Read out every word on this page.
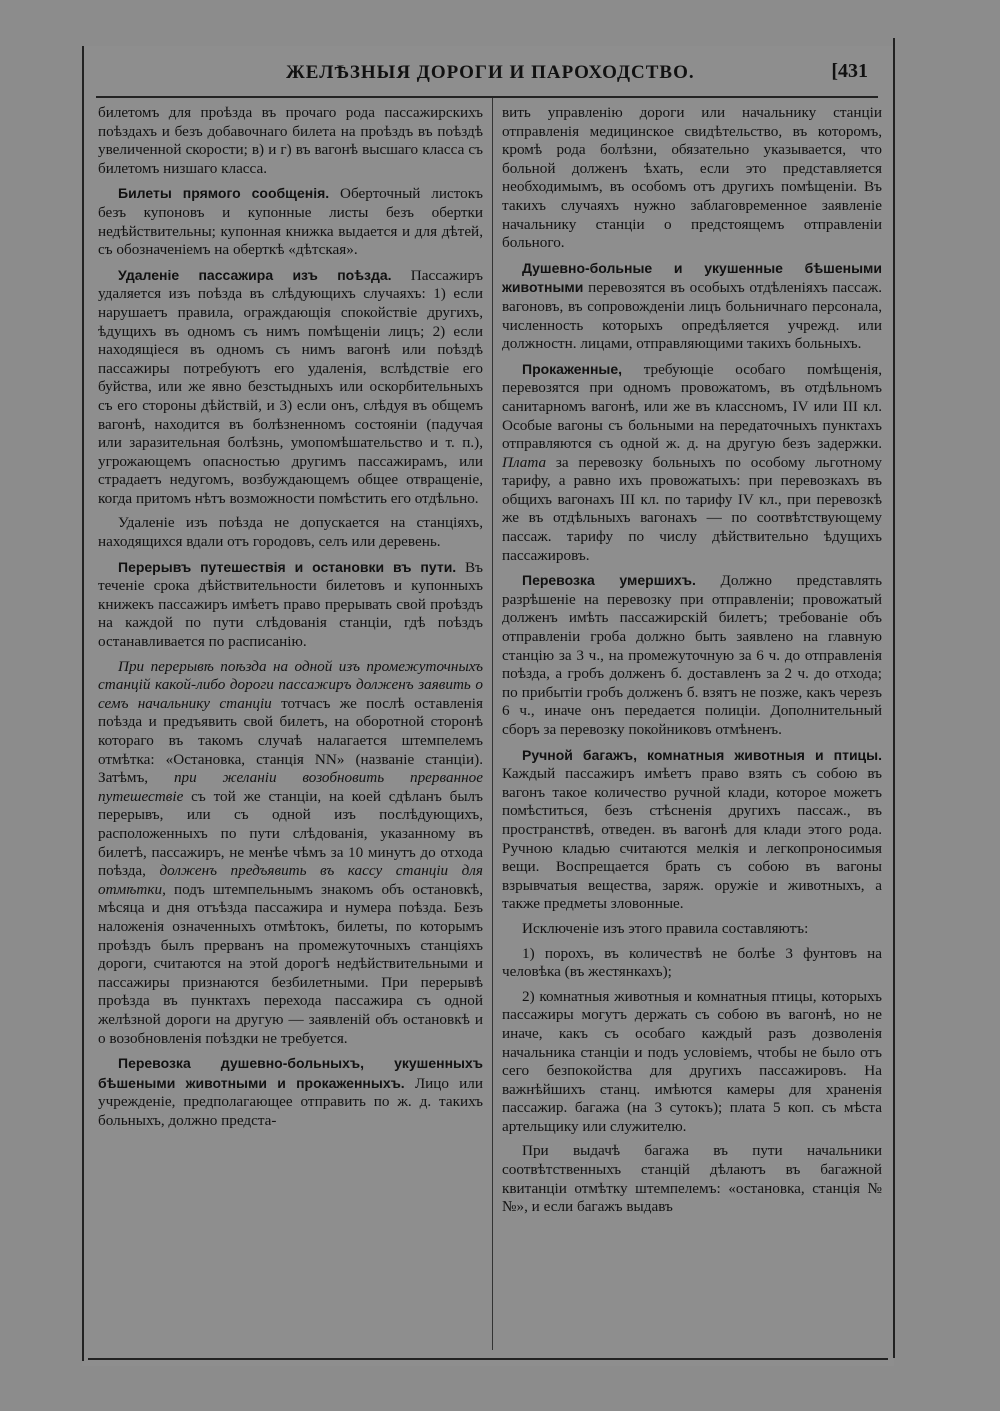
ЖЕЛѢЗНЫЯ ДОРОГИ И ПАРОХОДСТВО.	[431

билетомъ для проѣзда въ прочаго рода пассажирскихъ поѣздахъ и безъ добавочнаго билета на проѣздъ въ поѣздѣ увеличенной скорости; в) и г) въ вагонѣ высшаго класса съ билетомъ низшаго класса.

Билеты прямого сообщенія. Оберточный листокъ безъ купоновъ и купонные листы безъ обертки недѣйствительны; купонная книжка выдается и для дѣтей, съ обозначеніемъ на оберткѣ «дѣтская».

Удаленіе пассажира изъ поѣзда. Пассажиръ удаляется изъ поѣзда въ слѣдующихъ случаяхъ: 1) если нарушаетъ правила, ограждающія спокойствіе другихъ, ѣдущихъ въ одномъ съ нимъ помѣщеніи лицъ; 2) если находящіеся въ одномъ съ нимъ вагонѣ или поѣздѣ пассажиры потребуютъ его удаленія, вслѣдствіе его буйства, или же явно безстыдныхъ или оскорбительныхъ съ его стороны дѣйствій, и 3) если онъ, слѣдуя въ общемъ вагонѣ, находится въ болѣзненномъ состояніи (падучая или заразительная болѣзнь, умопомѣшательство и т. п.), угрожающемъ опасностью другимъ пассажирамъ, или страдаетъ недугомъ, возбуждающемъ общее отвращеніе, когда притомъ нѣтъ возможности помѣстить его отдѣльно.

Удаленіе изъ поѣзда не допускается на станціяхъ, находящихся вдали отъ городовъ, селъ или деревень.

Перерывъ путешествія и остановки въ пути. Въ теченіе срока дѣйствительности билетовъ и купонныхъ книжекъ пассажиръ имѣетъ право прерывать свой проѣздъ на каждой по пути слѣдованія станціи, гдѣ поѣздъ останавливается по расписанію.

При перерывѣ поѣзда на одной изъ промежуточныхъ станцій какой-либо дороги пассажиръ долженъ заявить о семъ начальнику станціи тотчасъ же послѣ оставленія поѣзда и предъявить свой билетъ, на оборотной сторонѣ котораго въ такомъ случаѣ налагается штемпелемъ отмѣтка: «Остановка, станція NN» (названіе станціи). Затѣмъ, при желаніи возобновить прерванное путешествіе съ той же станціи, на коей сдѣланъ былъ перерывъ, или съ одной изъ послѣдующихъ, расположенныхъ по пути слѣдованія, указанному въ билетѣ, пассажиръ, не менѣе чѣмъ за 10 минутъ до отхода поѣзда, долженъ предъявить въ кассу станціи для отмѣтки, подъ штемпельнымъ знакомъ объ остановкѣ, мѣсяца и дня отъѣзда пассажира и нумера поѣзда. Безъ наложенія означенныхъ отмѣтокъ, билеты, по которымъ проѣздъ былъ прерванъ на промежуточныхъ станціяхъ дороги, считаются на этой дорогѣ недѣйствительными и пассажиры признаются безбилетными. При перерывѣ проѣзда въ пунктахъ перехода пассажира съ одной желѣзной дороги на другую — заявленій объ остановкѣ и о возобновленія поѣздки не требуется.

Перевозка душевно-больныхъ, укушенныхъ бѣшеными животными и прокаженныхъ. Лицо или учрежденіе, предполагающее отправить по ж. д. такихъ больныхъ, должно предста-

вить управленію дороги или начальнику станціи отправленія медицинское свидѣтельство, въ которомъ, кромѣ рода болѣзни, обязательно указывается, что больной долженъ ѣхать, если это представляется необходимымъ, въ особомъ отъ другихъ помѣщеніи. Въ такихъ случаяхъ нужно заблаговременное заявленіе начальнику станціи о предстоящемъ отправленіи больного.

Душевно-больные и укушенные бѣшеными животными перевозятся въ особыхъ отдѣленіяхъ пассаж. вагоновъ, въ сопровожденіи лицъ больничнаго персонала, численность которыхъ опредѣляется учрежд. или должностн. лицами, отправляющими такихъ больныхъ.

Прокаженные, требующіе особаго помѣщенія, перевозятся при одномъ провожатомъ, въ отдѣльномъ санитарномъ вагонѣ, или же въ классномъ, IV или III кл. Особые вагоны съ больными на передаточныхъ пунктахъ отправляются съ одной ж. д. на другую безъ задержки. Плата за перевозку больныхъ по особому льготному тарифу, а равно ихъ провожатыхъ: при перевозкахъ въ общихъ вагонахъ III кл. по тарифу IV кл., при перевозкѣ же въ отдѣльныхъ вагонахъ — по соотвѣтствующему пассаж. тарифу по числу дѣйствительно ѣдущихъ пассажировъ.

Перевозка умершихъ. Должно представлять разрѣшеніе на перевозку при отправленіи; провожатый долженъ имѣть пассажирскій билетъ; требованіе объ отправленіи гроба должно быть заявлено на главную станцію за 3 ч., на промежуточную за 6 ч. до отправленія поѣзда, а гробъ долженъ б. доставленъ за 2 ч. до отхода; по прибытіи гробъ долженъ б. взятъ не позже, какъ черезъ 6 ч., иначе онъ передается полиціи. Дополнительный сборъ за перевозку покойниковъ отмѣненъ.

Ручной багажъ, комнатныя животныя и птицы. Каждый пассажиръ имѣетъ право взять съ собою въ вагонъ такое количество ручной клади, которое можетъ помѣститься, безъ стѣсненія другихъ пассаж., въ пространствѣ, отведен. въ вагонѣ для клади этого рода. Ручною кладью считаются мелкія и легкопроносимыя вещи. Воспрещается брать съ собою въ вагоны взрывчатыя вещества, заряж. оружіе и животныхъ, а также предметы зловонные.

Исключеніе изъ этого правила составляютъ:

1) порохъ, въ количествѣ не болѣе 3 фунтовъ на человѣка (въ жестянкахъ);

2) комнатныя животныя и комнатныя птицы, которыхъ пассажиры могутъ держать съ собою въ вагонѣ, но не иначе, какъ съ особаго каждый разъ дозволенія начальника станціи и подъ условіемъ, чтобы не было отъ сего безпокойства для другихъ пассажировъ. На важнѣйшихъ станц. имѣются камеры для храненія пассажир. багажа (на 3 сутокъ); плата 5 коп. съ мѣста артельщику или служителю.

При выдачѣ багажа въ пути начальники соотвѣтственныхъ станцій дѣлаютъ въ багажной квитанціи отмѣтку штемпелемъ: «остановка, станція №№», и если багажъ выдавъ
